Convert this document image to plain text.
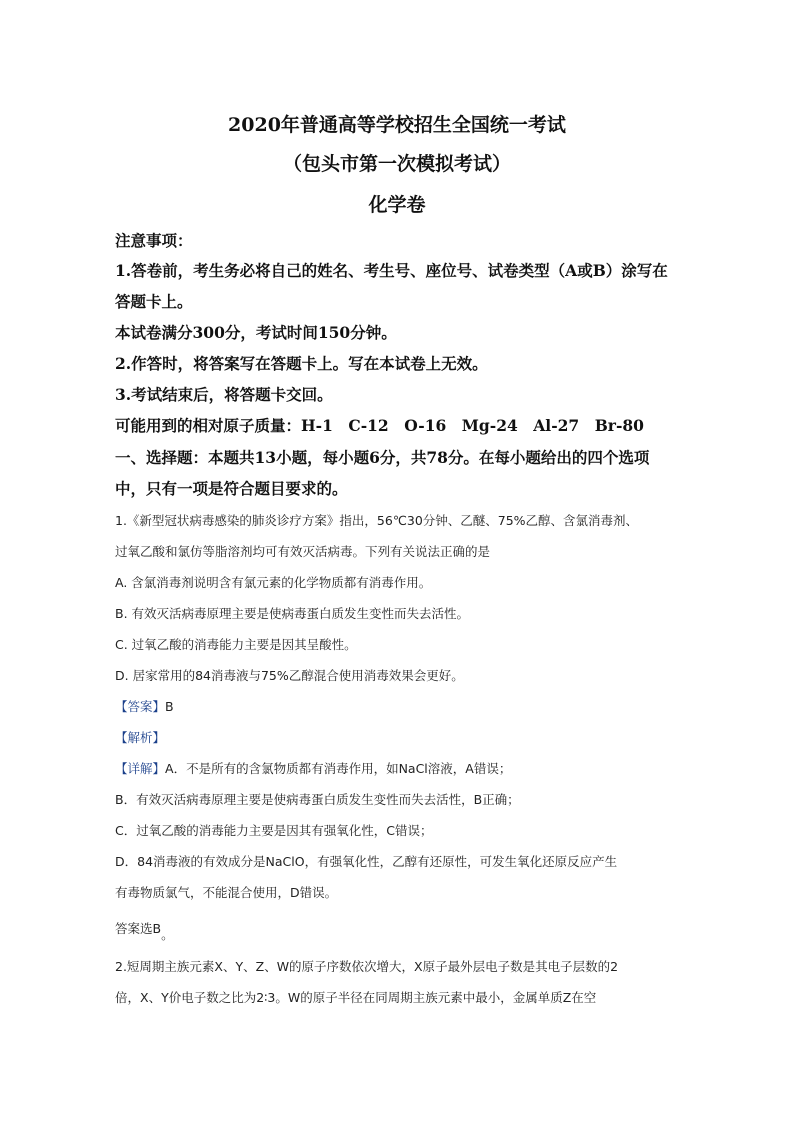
2020年普通高等学校招生全国统一考试
（包头市第一次模拟考试）
化学卷
注意事项：
1.答卷前，考生务必将自己的姓名、考生号、座位号、试卷类型（A或B）涂写在
答题卡上。
本试卷满分300分，考试时间150分钟。
2.作答时，将答案写在答题卡上。写在本试卷上无效。
3.考试结束后，将答题卡交回。
可能用到的相对原子质量：H-1　C-12　O-16　Mg-24　Al-27　Br-80
一、选择题：本题共13小题，每小题6分，共78分。在每小题给出的四个选项
中，只有一项是符合题目要求的。
1.《新型冠状病毒感染的肺炎诊疗方案》指出，56℃30分钟、乙醚、75%乙醇、含氯消毒剂、
过氧乙酸和氯仿等脂溶剂均可有效灭活病毒。下列有关说法正确的是
A. 含氯消毒剂说明含有氯元素的化学物质都有消毒作用。
B. 有效灭活病毒原理主要是使病毒蛋白质发生变性而失去活性。
C. 过氧乙酸的消毒能力主要是因其呈酸性。
D. 居家常用的84消毒液与75%乙醇混合使用消毒效果会更好。
【答案】B
【解析】
【详解】A．不是所有的含氯物质都有消毒作用，如NaCl溶液，A错误；
B．有效灭活病毒原理主要是使病毒蛋白质发生变性而失去活性，B正确；
C．过氧乙酸的消毒能力主要是因其有强氧化性，C错误；
D．84消毒液的有效成分是NaClO，有强氧化性，乙醇有还原性，可发生氧化还原反应产生
有毒物质氯气，不能混合使用，D错误。
答案选B。
2.短周期主族元素X、Y、Z、W的原子序数依次增大，X原子最外层电子数是其电子层数的2
倍，X、Y价电子数之比为2∶3。W的原子半径在同周期主族元素中最小，金属单质Z在空
